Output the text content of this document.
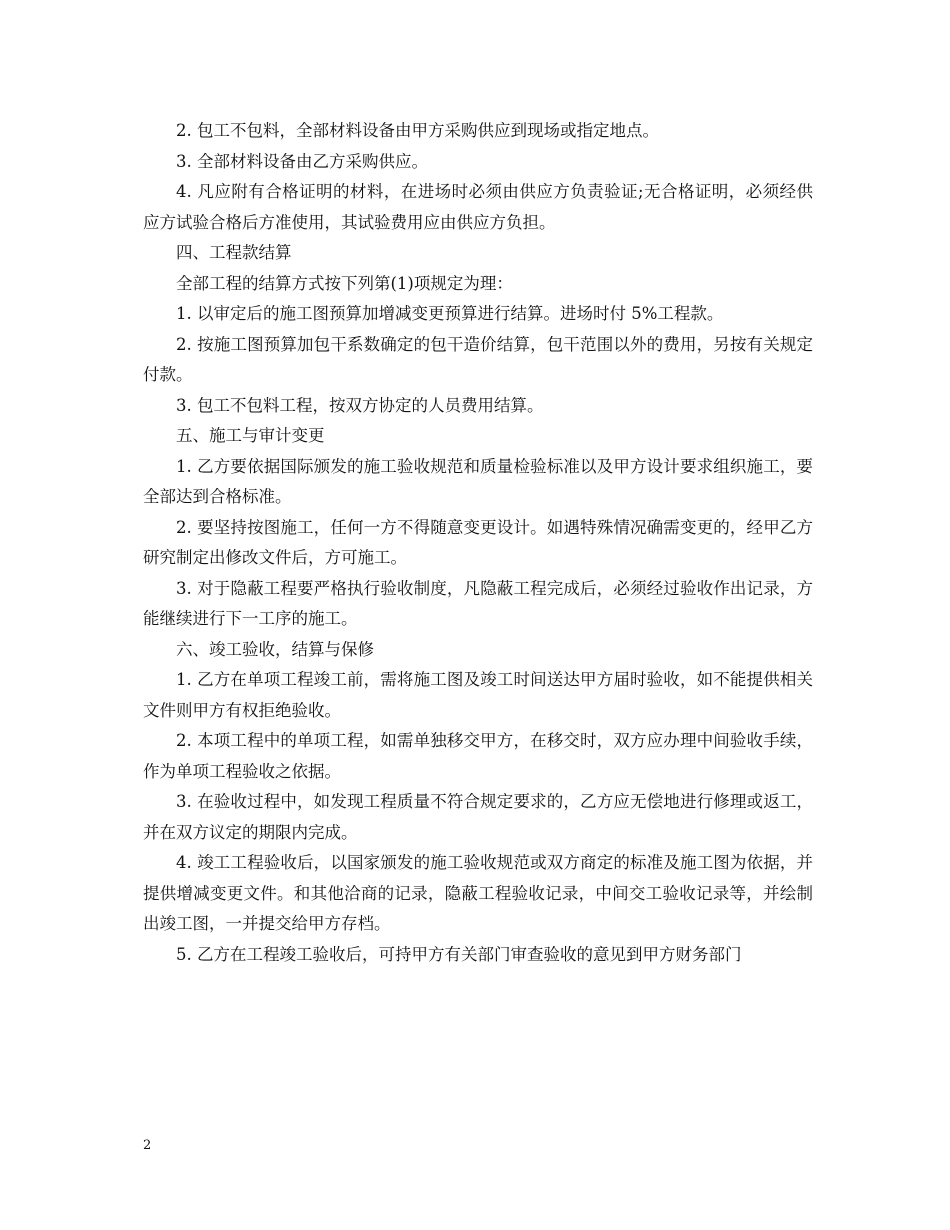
2. 包工不包料，全部材料设备由甲方采购供应到现场或指定地点。

3. 全部材料设备由乙方采购供应。

4. 凡应附有合格证明的材料，在进场时必须由供应方负责验证;无合格证明，必须经供应方试验合格后方准使用，其试验费用应由供应方负担。

四、工程款结算

全部工程的结算方式按下列第(1)项规定为理：

1. 以审定后的施工图预算加增减变更预算进行结算。进场时付 5%工程款。

2. 按施工图预算加包干系数确定的包干造价结算，包干范围以外的费用，另按有关规定付款。

3. 包工不包料工程，按双方协定的人员费用结算。

五、施工与审计变更

1. 乙方要依据国际颁发的施工验收规范和质量检验标准以及甲方设计要求组织施工，要全部达到合格标准。

2. 要坚持按图施工，任何一方不得随意变更设计。如遇特殊情况确需变更的，经甲乙方研究制定出修改文件后，方可施工。

3. 对于隐蔽工程要严格执行验收制度，凡隐蔽工程完成后，必须经过验收作出记录，方能继续进行下一工序的施工。

六、竣工验收，结算与保修

1. 乙方在单项工程竣工前，需将施工图及竣工时间送达甲方届时验收，如不能提供相关文件则甲方有权拒绝验收。

2. 本项工程中的单项工程，如需单独移交甲方，在移交时，双方应办理中间验收手续，作为单项工程验收之依据。

3. 在验收过程中，如发现工程质量不符合规定要求的，乙方应无偿地进行修理或返工，并在双方议定的期限内完成。

4. 竣工工程验收后，以国家颁发的施工验收规范或双方商定的标准及施工图为依据，并提供增减变更文件。和其他洽商的记录，隐蔽工程验收记录，中间交工验收记录等，并绘制出竣工图，一并提交给甲方存档。

5. 乙方在工程竣工验收后，可持甲方有关部门审查验收的意见到甲方财务部门

2
